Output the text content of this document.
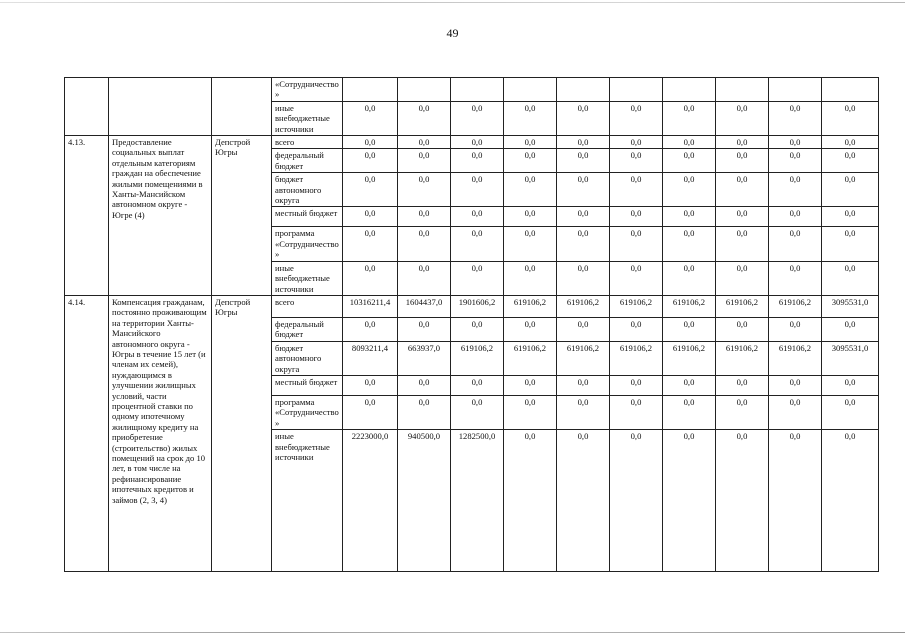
49
			«Сотрудничество»										
			иные внебюджетные источники	0,0	0,0	0,0	0,0	0,0	0,0	0,0	0,0	0,0	0,0
4.13.	Предоставление социальных выплат отдельным категориям граждан на обеспечение жилыми помещениями в Ханты-Мансийском автономном округе - Югре (4)	Депстрой Югры	всего	0,0	0,0	0,0	0,0	0,0	0,0	0,0	0,0	0,0	0,0
			федеральный бюджет	0,0	0,0	0,0	0,0	0,0	0,0	0,0	0,0	0,0	0,0
			бюджет автономного округа	0,0	0,0	0,0	0,0	0,0	0,0	0,0	0,0	0,0	0,0
			местный бюджет	0,0	0,0	0,0	0,0	0,0	0,0	0,0	0,0	0,0	0,0
			программа «Сотрудничество»	0,0	0,0	0,0	0,0	0,0	0,0	0,0	0,0	0,0	0,0
			иные внебюджетные источники	0,0	0,0	0,0	0,0	0,0	0,0	0,0	0,0	0,0	0,0
4.14.	Компенсация гражданам, постоянно проживающим на территории Ханты-Мансийского автономного округа - Югры в течение 15 лет (и членам их семей), нуждающимся в улучшении жилищных условий, части процентной ставки по одному ипотечному жилищному кредиту на приобретение (строительство) жилых помещений на срок до 10 лет, в том числе на рефинансирование ипотечных кредитов и займов (2, 3, 4)	Депстрой Югры	всего	10316211,4	1604437,0	1901606,2	619106,2	619106,2	619106,2	619106,2	619106,2	619106,2	3095531,0
			федеральный бюджет	0,0	0,0	0,0	0,0	0,0	0,0	0,0	0,0	0,0	0,0
			бюджет автономного округа	8093211,4	663937,0	619106,2	619106,2	619106,2	619106,2	619106,2	619106,2	619106,2	3095531,0
			местный бюджет	0,0	0,0	0,0	0,0	0,0	0,0	0,0	0,0	0,0	0,0
			программа «Сотрудничество»	0,0	0,0	0,0	0,0	0,0	0,0	0,0	0,0	0,0	0,0
			иные внебюджетные источники	2223000,0	940500,0	1282500,0	0,0	0,0	0,0	0,0	0,0	0,0	0,0
